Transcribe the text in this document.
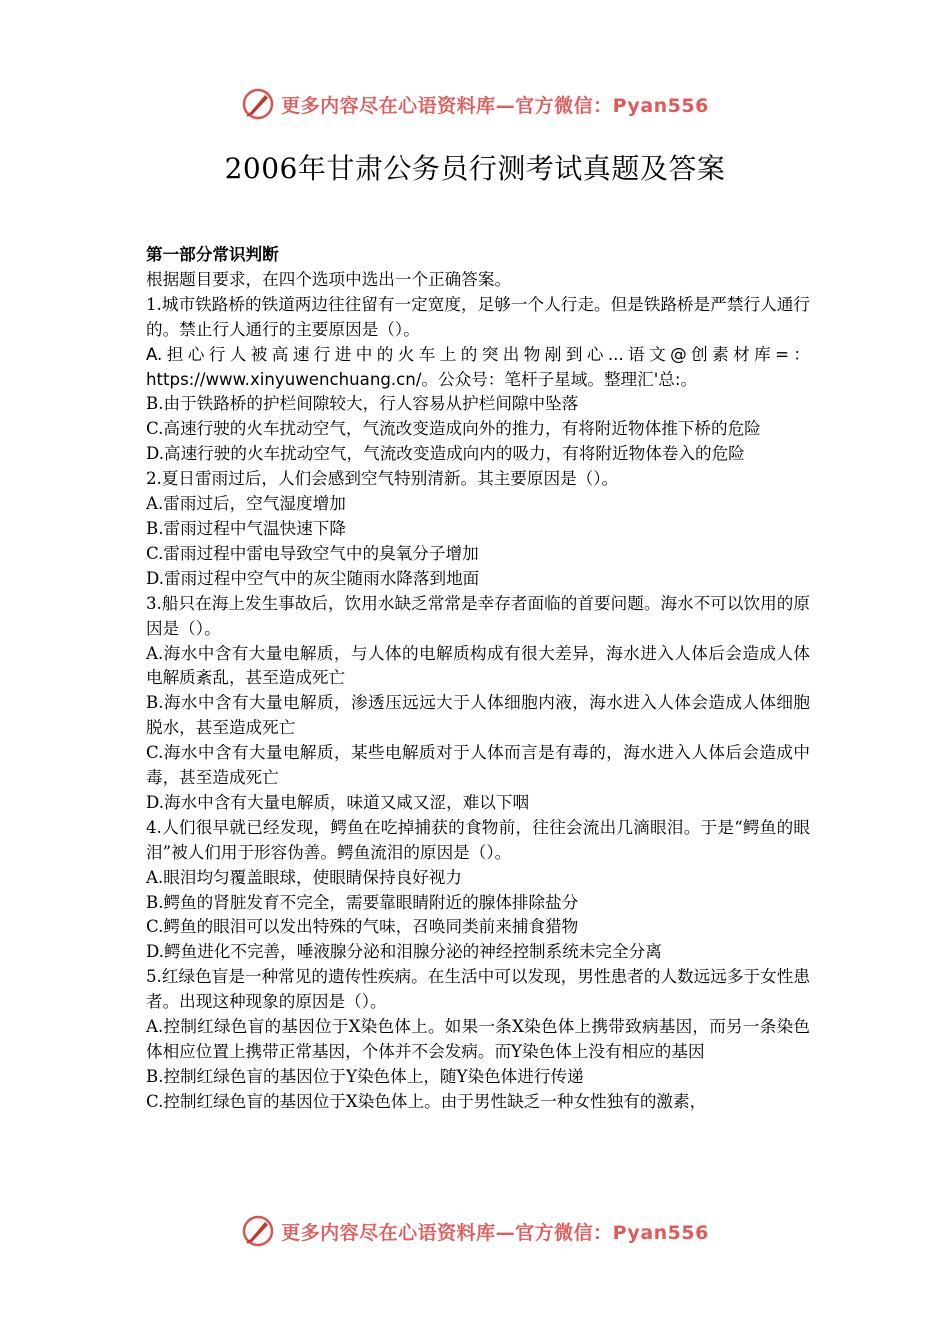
更多内容尽在心语资料库—官方微信：Pyan556
2006年甘肃公务员行测考试真题及答案

第一部分常识判断

根据题目要求，在四个选项中选出一个正确答案。

1.城市铁路桥的铁道两边往往留有一定宽度，足够一个人行走。但是铁路桥是严禁行人通行的。禁止行人通行的主要原因是（）。

A.担心行人被高速行进中的火车上的突出物剐到心...语文@创素材库=：https://www.xinyuwenchuang.cn/。公众号：笔杆子星域。整理汇'总:。

B.由于铁路桥的护栏间隙较大，行人容易从护栏间隙中坠落

C.高速行驶的火车扰动空气，气流改变造成向外的推力，有将附近物体推下桥的危险

D.高速行驶的火车扰动空气，气流改变造成向内的吸力，有将附近物体卷入的危险

2.夏日雷雨过后，人们会感到空气特别清新。其主要原因是（）。

A.雷雨过后，空气湿度增加

B.雷雨过程中气温快速下降

C.雷雨过程中雷电导致空气中的臭氧分子增加

D.雷雨过程中空气中的灰尘随雨水降落到地面

3.船只在海上发生事故后，饮用水缺乏常常是幸存者面临的首要问题。海水不可以饮用的原因是（）。

A.海水中含有大量电解质，与人体的电解质构成有很大差异，海水进入人体后会造成人体电解质紊乱，甚至造成死亡

B.海水中含有大量电解质，渗透压远远大于人体细胞内液，海水进入人体会造成人体细胞脱水，甚至造成死亡

C.海水中含有大量电解质，某些电解质对于人体而言是有毒的，海水进入人体后会造成中毒，甚至造成死亡

D.海水中含有大量电解质，味道又咸又涩，难以下咽

4.人们很早就已经发现，鳄鱼在吃掉捕获的食物前，往往会流出几滴眼泪。于是“鳄鱼的眼泪”被人们用于形容伪善。鳄鱼流泪的原因是（）。

A.眼泪均匀覆盖眼球，使眼睛保持良好视力

B.鳄鱼的肾脏发育不完全，需要靠眼睛附近的腺体排除盐分

C.鳄鱼的眼泪可以发出特殊的气味，召唤同类前来捕食猎物

D.鳄鱼进化不完善，唾液腺分泌和泪腺分泌的神经控制系统未完全分离

5.红绿色盲是一种常见的遗传性疾病。在生活中可以发现，男性患者的人数远远多于女性患者。出现这种现象的原因是（）。

A.控制红绿色盲的基因位于X染色体上。如果一条X染色体上携带致病基因，而另一条染色体相应位置上携带正常基因，个体并不会发病。而Y染色体上没有相应的基因

B.控制红绿色盲的基因位于Y染色体上，随Y染色体进行传递

C.控制红绿色盲的基因位于X染色体上。由于男性缺乏一种女性独有的激素，

更多内容尽在心语资料库—官方微信：Pyan556
